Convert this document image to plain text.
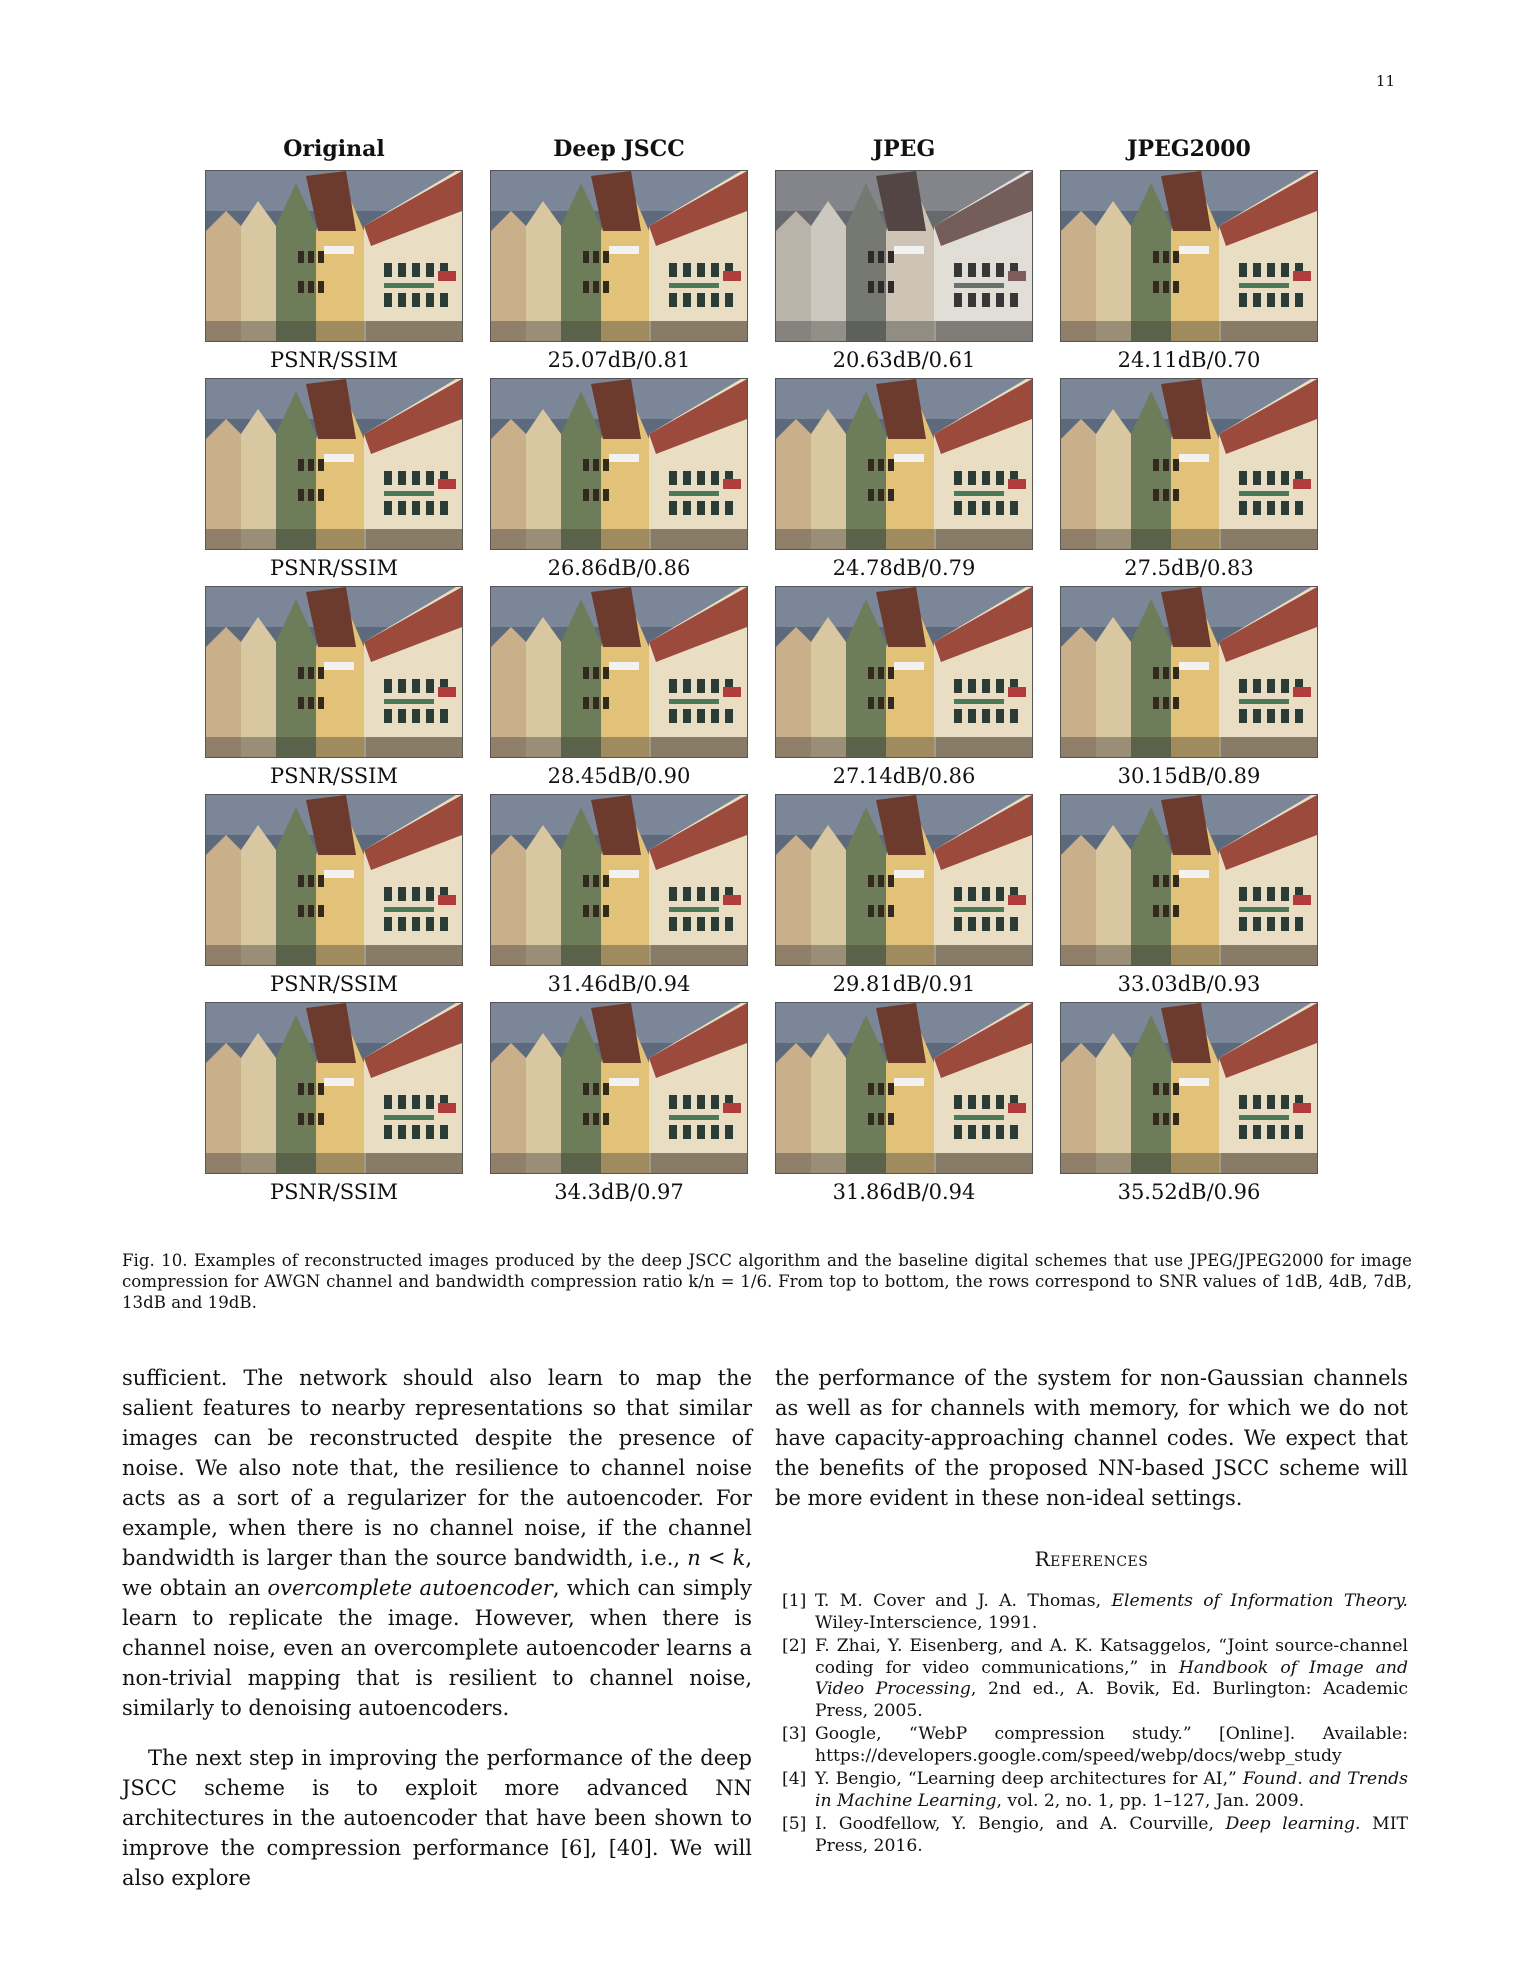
11
Original	Deep JSCC	JPEG	JPEG2000
PSNR/SSIM	25.07dB/0.81	20.63dB/0.61	24.11dB/0.70
PSNR/SSIM	26.86dB/0.86	24.78dB/0.79	27.5dB/0.83
PSNR/SSIM	28.45dB/0.90	27.14dB/0.86	30.15dB/0.89
PSNR/SSIM	31.46dB/0.94	29.81dB/0.91	33.03dB/0.93
PSNR/SSIM	34.3dB/0.97	31.86dB/0.94	35.52dB/0.96
Fig. 10. Examples of reconstructed images produced by the deep JSCC algorithm and the baseline digital schemes that use JPEG/JPEG2000 for image compression for AWGN channel and bandwidth compression ratio k/n = 1/6. From top to bottom, the rows correspond to SNR values of 1dB, 4dB, 7dB, 13dB and 19dB.

sufficient. The network should also learn to map the salient features to nearby representations so that similar images can be reconstructed despite the presence of noise. We also note that, the resilience to channel noise acts as a sort of a regularizer for the autoencoder. For example, when there is no channel noise, if the channel bandwidth is larger than the source bandwidth, i.e., n < k, we obtain an overcomplete autoencoder, which can simply learn to replicate the image. However, when there is channel noise, even an overcomplete autoencoder learns a non-trivial mapping that is resilient to channel noise, similarly to denoising autoencoders.

The next step in improving the performance of the deep JSCC scheme is to exploit more advanced NN architectures in the autoencoder that have been shown to improve the compression performance [6], [40]. We will also explore

the performance of the system for non-Gaussian channels as well as for channels with memory, for which we do not have capacity-approaching channel codes. We expect that the benefits of the proposed NN-based JSCC scheme will be more evident in these non-ideal settings.

References
[1] T. M. Cover and J. A. Thomas, Elements of Information Theory. Wiley-Interscience, 1991.
[2] F. Zhai, Y. Eisenberg, and A. K. Katsaggelos, “Joint source-channel coding for video communications,” in Handbook of Image and Video Processing, 2nd ed., A. Bovik, Ed. Burlington: Academic Press, 2005.
[3] Google, “WebP compression study.” [Online]. Available: https://developers.google.com/speed/webp/docs/webp_study
[4] Y. Bengio, “Learning deep architectures for AI,” Found. and Trends in Machine Learning, vol. 2, no. 1, pp. 1–127, Jan. 2009.
[5] I. Goodfellow, Y. Bengio, and A. Courville, Deep learning. MIT Press, 2016.
